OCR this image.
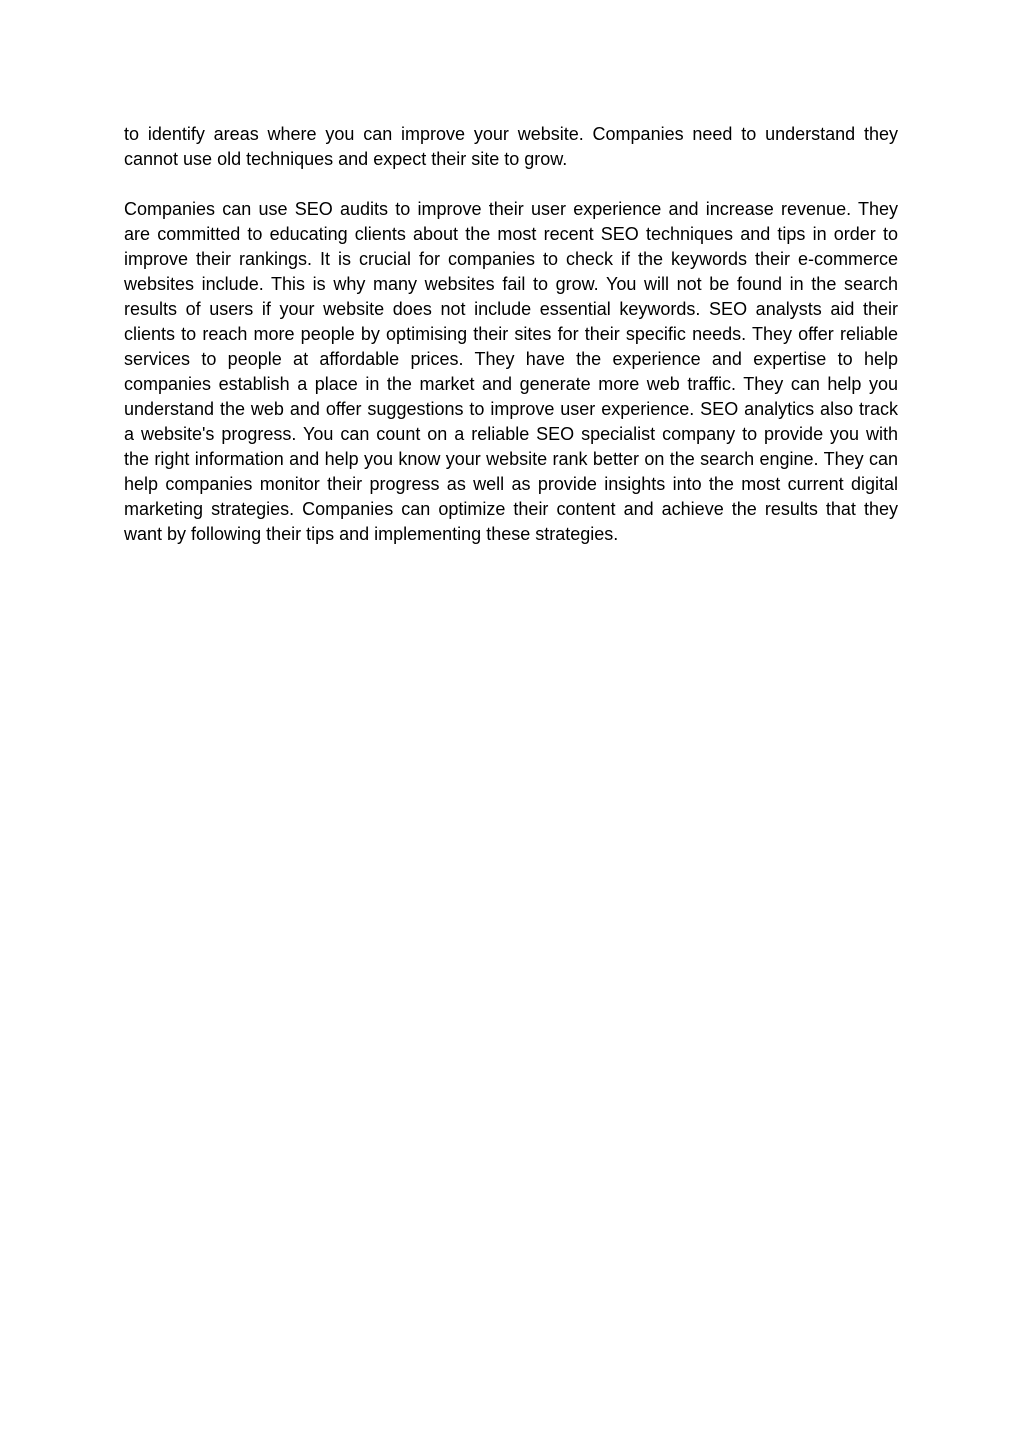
to identify areas where you can improve your website. Companies need to understand they cannot use old techniques and expect their site to grow.

Companies can use SEO audits to improve their user experience and increase revenue. They are committed to educating clients about the most recent SEO techniques and tips in order to improve their rankings. It is crucial for companies to check if the keywords their e-commerce websites include. This is why many websites fail to grow. You will not be found in the search results of users if your website does not include essential keywords. SEO analysts aid their clients to reach more people by optimising their sites for their specific needs. They offer reliable services to people at affordable prices. They have the experience and expertise to help companies establish a place in the market and generate more web traffic. They can help you understand the web and offer suggestions to improve user experience. SEO analytics also track a website's progress. You can count on a reliable SEO specialist company to provide you with the right information and help you know your website rank better on the search engine. They can help companies monitor their progress as well as provide insights into the most current digital marketing strategies. Companies can optimize their content and achieve the results that they want by following their tips and implementing these strategies.
